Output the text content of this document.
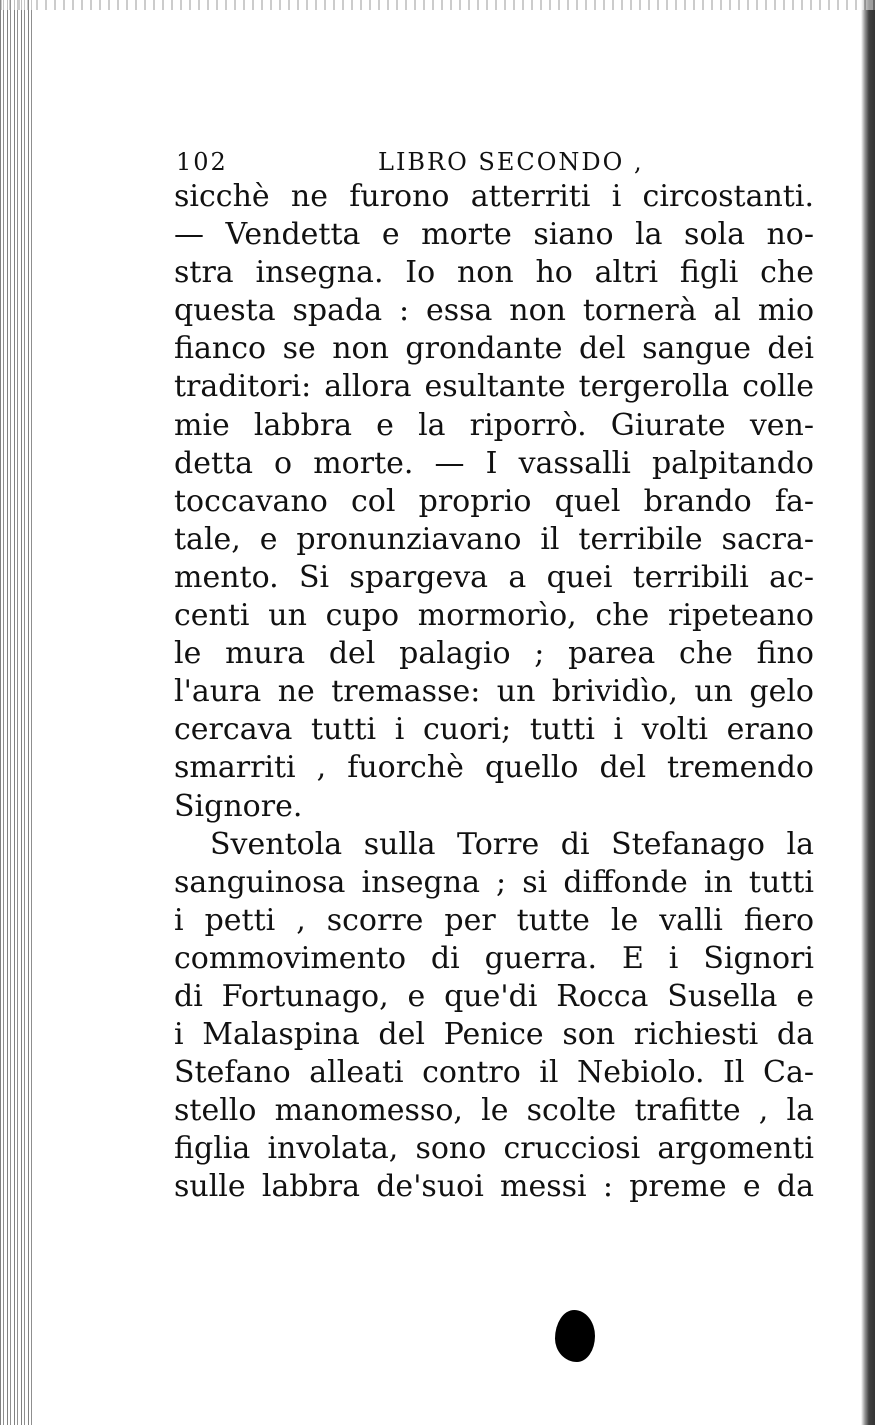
102	LIBRO SECONDO ,
sicchè ne furono atterriti i circostanti.
— Vendetta e morte siano la sola no-
stra insegna. Io non ho altri figli che
questa spada : essa non tornerà al mio
fianco se non grondante del sangue dei
traditori: allora esultante tergerolla colle
mie labbra e la riporrò. Giurate ven-
detta o morte. — I vassalli palpitando
toccavano col proprio quel brando fa-
tale, e pronunziavano il terribile sacra-
mento. Si spargeva a quei terribili ac-
centi un cupo mormorìo, che ripeteano
le mura del palagio ; parea che fino
l'aura ne tremasse: un brividìo, un gelo
cercava tutti i cuori; tutti i volti erano
smarriti , fuorchè quello del tremendo
Signore.
Sventola sulla Torre di Stefanago la
sanguinosa insegna ; si diffonde in tutti
i petti , scorre per tutte le valli fiero
commovimento di guerra. E i Signori
di Fortunago, e que'di Rocca Susella e
i Malaspina del Penice son richiesti da
Stefano alleati contro il Nebiolo. Il Ca-
stello manomesso, le scolte trafitte , la
figlia involata, sono crucciosi argomenti
sulle labbra de'suoi messi : preme e da
